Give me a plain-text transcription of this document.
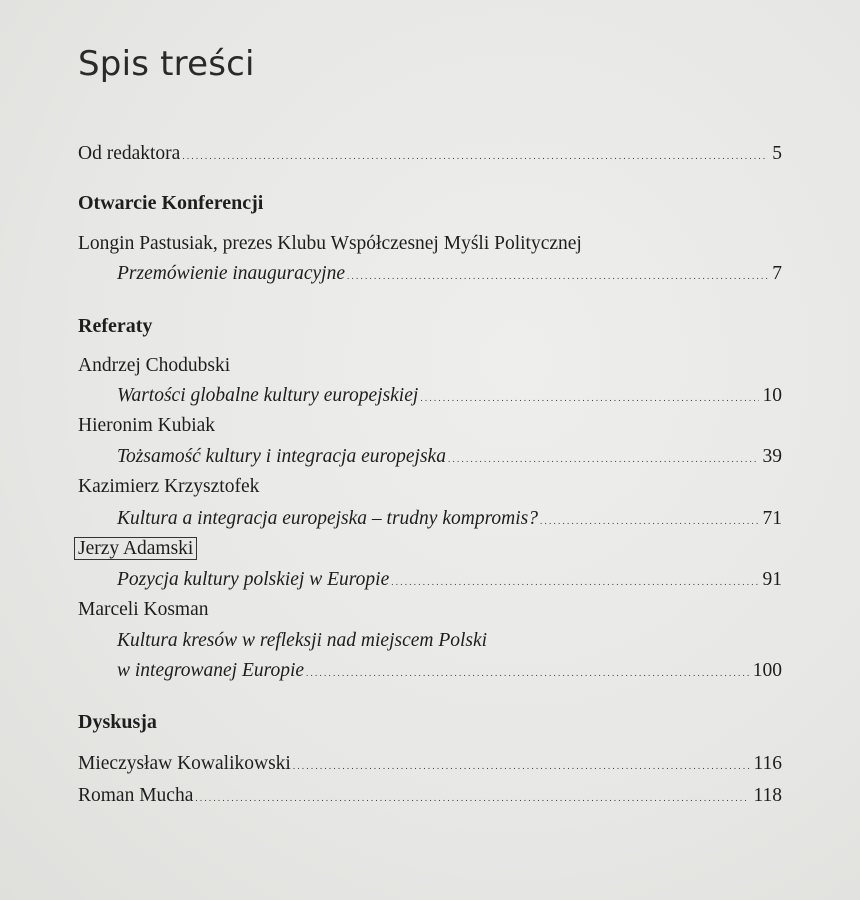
Spis treści
Od redaktora . . .	5
Otwarcie Konferencji
Longin Pastusiak, prezes Klubu Współczesnej Myśli Politycznej
Przemówienie inauguracyjne . . .	7
Referaty
Andrzej Chodubski
Wartości globalne kultury europejskiej . . .	10
Hieronim Kubiak
Tożsamość kultury i integracja europejska . . .	39
Kazimierz Krzysztofek
Kultura a integracja europejska – trudny kompromis? . . .	71
Jerzy Adamski
Pozycja kultury polskiej w Europie . . .	91
Marceli Kosman
Kultura kresów w refleksji nad miejscem Polski
w integrowanej Europie . . .	100
Dyskusja
Mieczysław Kowalikowski . . .	116
Roman Mucha . . .	118
